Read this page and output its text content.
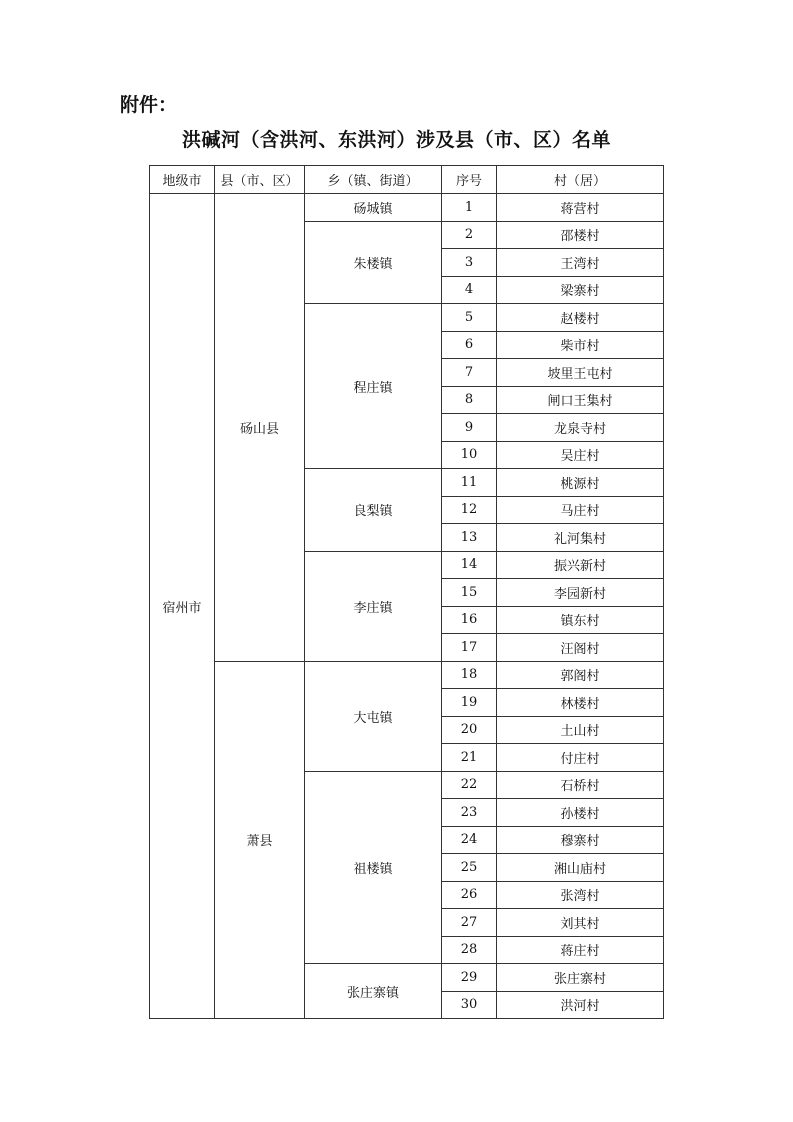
附件：
洪碱河（含洪河、东洪河）涉及县（市、区）名单
地级市	县（市、区）	乡（镇、街道）	序号	村（居）
宿州市	砀山县	砀城镇	1	蒋营村
		朱楼镇	2	邵楼村
			3	王湾村
			4	梁寨村
		程庄镇	5	赵楼村
			6	柴市村
			7	坡里王屯村
			8	闸口王集村
			9	龙泉寺村
			10	吴庄村
		良梨镇	11	桃源村
			12	马庄村
			13	礼河集村
		李庄镇	14	振兴新村
			15	李园新村
			16	镇东村
			17	汪阁村
	萧县	大屯镇	18	郭阁村
			19	林楼村
			20	土山村
			21	付庄村
		祖楼镇	22	石桥村
			23	孙楼村
			24	穆寨村
			25	湘山庙村
			26	张湾村
			27	刘其村
			28	蒋庄村
		张庄寨镇	29	张庄寨村
			30	洪河村
